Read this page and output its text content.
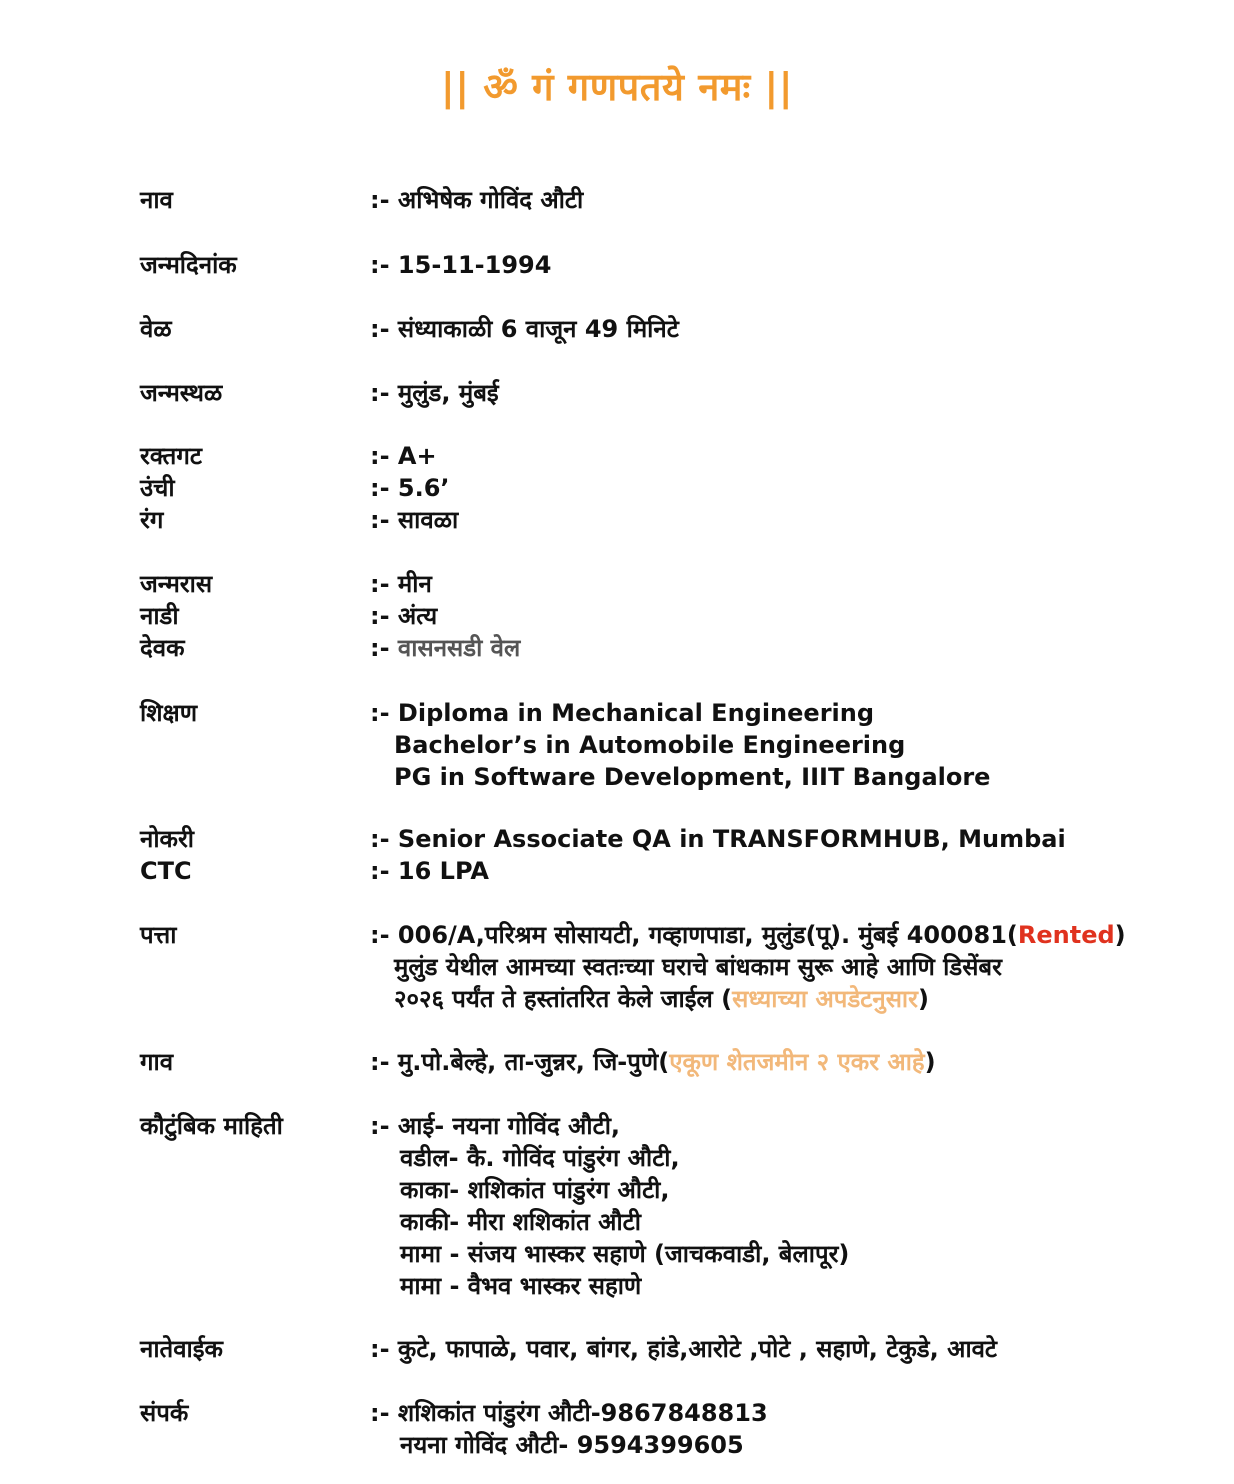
|| ॐ गं गणपतये नमः ||
नाव	:- अभिषेक गोविंद औटी
जन्मदिनांक	:- 15-11-1994
वेळ	:- संध्याकाळी 6 वाजून 49 मिनिटे
जन्मस्थळ	:- मुलुंड, मुंबई
रक्तगट	:- A+
उंची	:- 5.6’
रंग	:- सावळा
जन्मरास	:- मीन
नाडी	:- अंत्य
देवक	:- वासनसडी वेल
शिक्षण	:- Diploma in Mechanical Engineering
Bachelor’s in Automobile Engineering
PG in Software Development, IIIT Bangalore
नोकरी	:- Senior Associate QA in TRANSFORMHUB, Mumbai
CTC	:- 16 LPA
पत्ता	:- 006/A,परिश्रम सोसायटी, गव्हाणपाडा, मुलुंड(पू). मुंबई 400081(Rented)
मुलुंड येथील आमच्या स्वतःच्या घराचे बांधकाम सुरू आहे आणि डिसेंबर
२०२६ पर्यंत ते हस्तांतरित केले जाईल (सध्याच्या अपडेटनुसार)
गाव	:- मु.पो.बेल्हे, ता-जुन्नर, जि-पुणे(एकूण शेतजमीन २ एकर आहे)
कौटुंबिक माहिती	:- आई- नयना गोविंद औटी,
वडील- कै. गोविंद पांडुरंग औटी,
काका- शशिकांत पांडुरंग औटी,
काकी- मीरा शशिकांत औटी
मामा - संजय भास्कर सहाणे (जाचकवाडी, बेलापूर)
मामा - वैभव भास्कर सहाणे
नातेवाईक	:- कुटे, फापाळे, पवार, बांगर, हांडे,आरोटे ,पोटे , सहाणे, टेकुडे, आवटे
संपर्क	:- शशिकांत पांडुरंग औटी-9867848813
नयना गोविंद औटी- 9594399605
